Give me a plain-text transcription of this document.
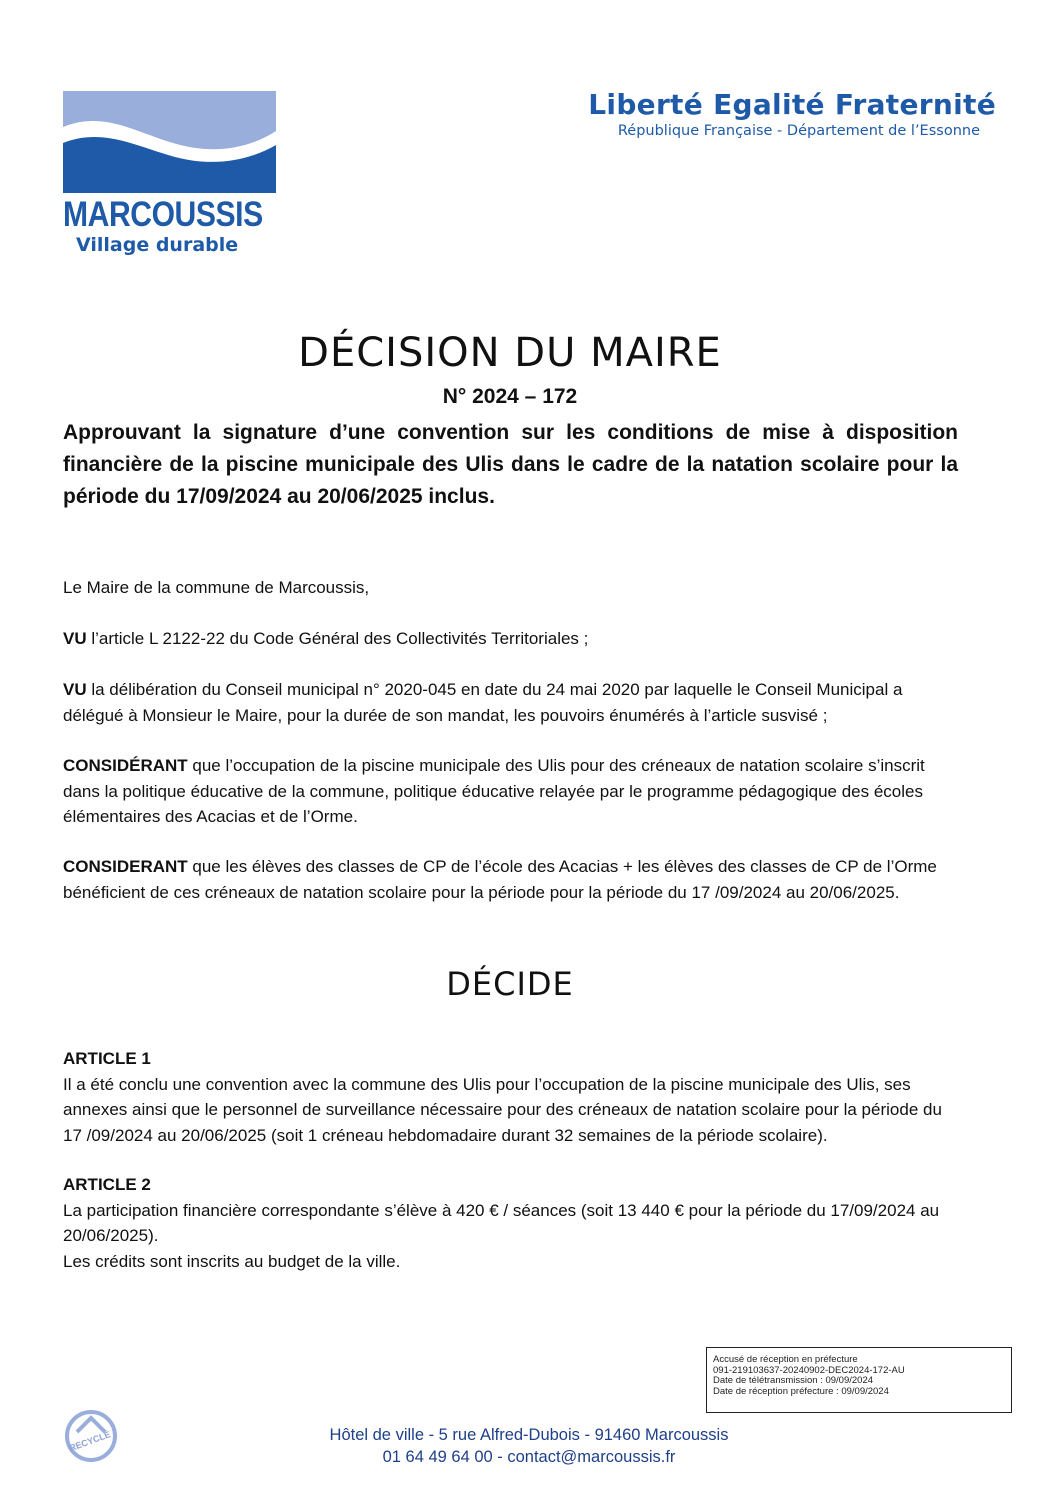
MARCOUSSIS
Village durable
Liberté Egalité Fraternité
République Française - Département de l’Essonne
DÉCISION DU MAIRE
N° 2024 – 172
Approuvant la signature d’une convention sur les conditions de mise à disposition financière de la piscine municipale des Ulis dans le cadre de la natation scolaire pour la période du 17/09/2024 au 20/06/2025 inclus.
Le Maire de la commune de Marcoussis,
VU l’article L 2122-22 du Code Général des Collectivités Territoriales ;
VU la délibération du Conseil municipal n° 2020-045 en date du 24 mai 2020 par laquelle le Conseil Municipal a délégué à Monsieur le Maire, pour la durée de son mandat, les pouvoirs énumérés à l’article susvisé ;
CONSIDÉRANT que l’occupation de la piscine municipale des Ulis pour des créneaux de natation scolaire s’inscrit dans la politique éducative de la commune, politique éducative relayée par le programme pédagogique des écoles élémentaires des Acacias et de l’Orme.
CONSIDERANT que les élèves des classes de CP de l’école des Acacias + les élèves des classes de CP de l’Orme bénéficient de ces créneaux de natation scolaire pour la période pour la période du 17 /09/2024 au 20/06/2025.
DÉCIDE
ARTICLE 1
Il a été conclu une convention avec la commune des Ulis pour l’occupation de la piscine municipale des Ulis, ses annexes ainsi que le personnel de surveillance nécessaire pour des créneaux de natation scolaire pour la période du 17 /09/2024 au 20/06/2025 (soit 1 créneau hebdomadaire durant 32 semaines de la période scolaire).
ARTICLE 2
La participation financière correspondante s’élève à 420 € / séances (soit 13 440 € pour la période du 17/09/2024 au 20/06/2025).
Les crédits sont inscrits au budget de la ville.
Accusé de réception en préfecture
091-219103637-20240902-DEC2024-172-AU
Date de télétransmission : 09/09/2024
Date de réception préfecture : 09/09/2024
RECYCLÉ	Hôtel de ville - 5 rue Alfred-Dubois - 91460 Marcoussis
01 64 49 64 00 - contact@marcoussis.fr
